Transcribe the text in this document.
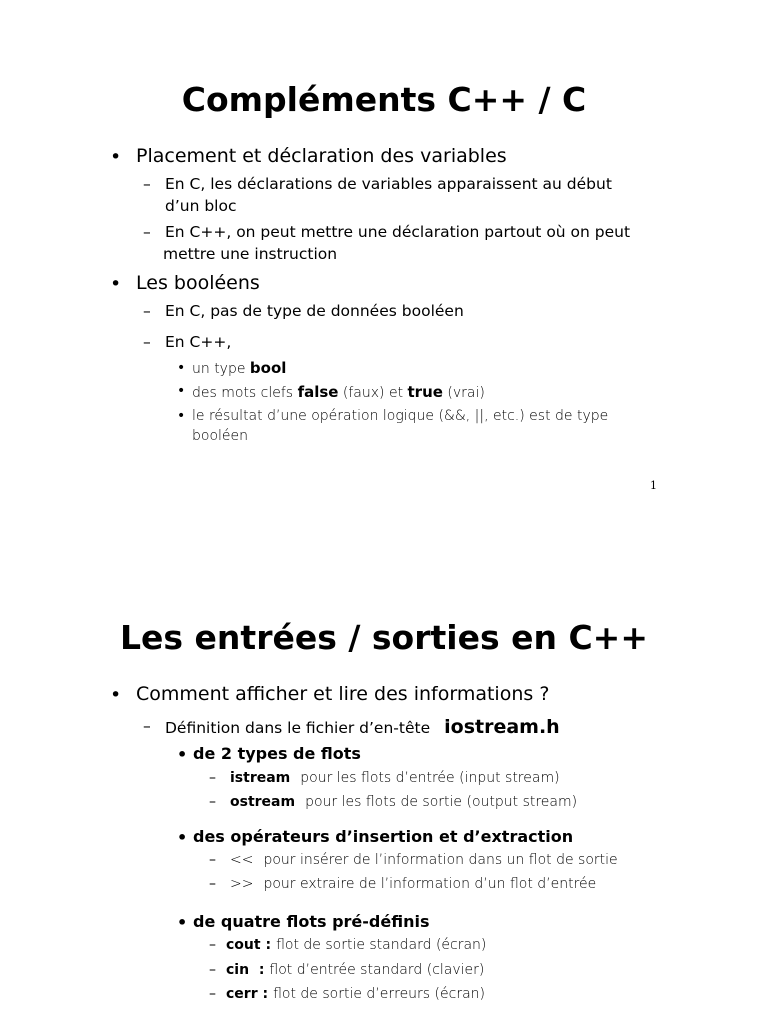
Compléments C++ / C
• Placement et déclaration des variables

– En C, les déclarations de variables apparaissent au début

d’un bloc

– En C++, on peut mettre une déclaration partout où on peut

mettre une instruction

• Les booléens

– En C, pas de type de données booléen

– En C++,

• un type bool

• des mots clefs false (faux) et true (vrai)

• le résultat d’une opération logique (&&, ||, etc.) est de type

booléen

1
Les entrées / sorties en C++
• Comment afficher et lire des informations ?

– Définition dans le fichier d’en-tête iostream.h

• de 2 types de flots

– istream pour les flots d’entrée (input stream)

– ostream pour les flots de sortie (output stream)

• des opérateurs d’insertion et d’extraction

– << pour insérer de l’information dans un flot de sortie

– >> pour extraire de l’information d’un flot d’entrée

• de quatre flots pré-définis

– cout : flot de sortie standard (écran)

– cin  : flot d’entrée standard (clavier)

– cerr : flot de sortie d’erreurs (écran)
